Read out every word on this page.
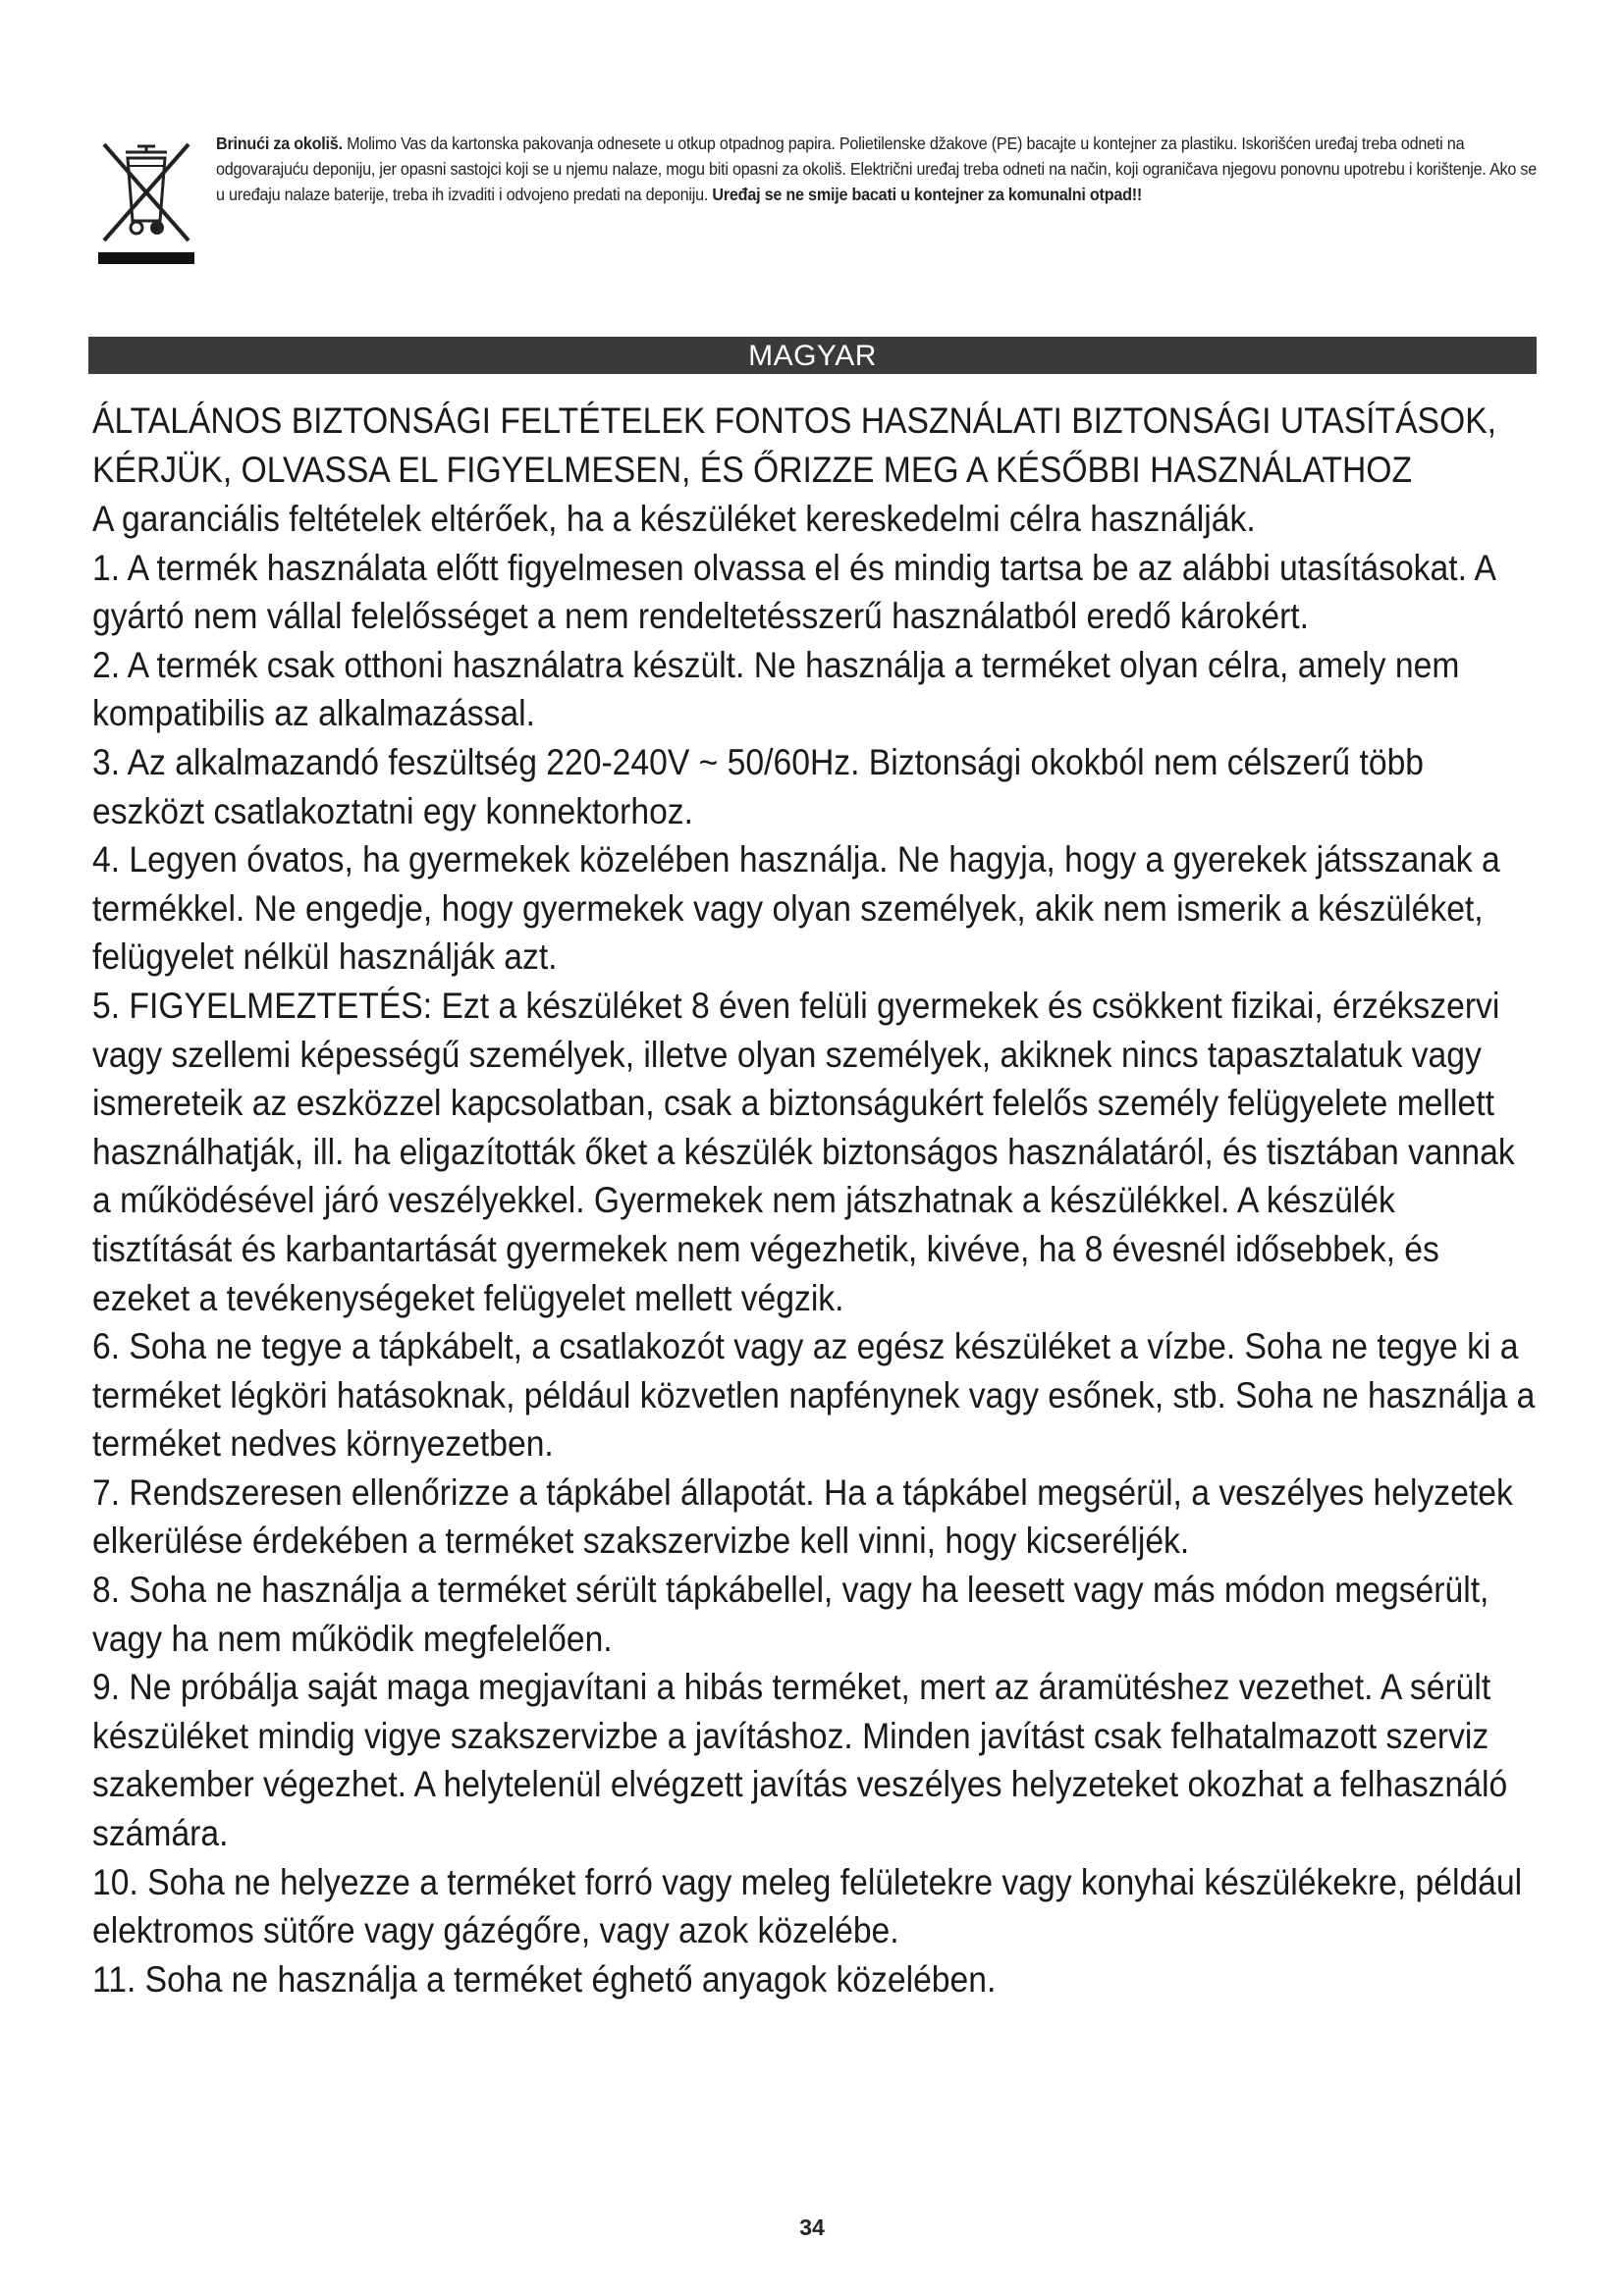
Brinući za okoliš. Molimo Vas da kartonska pakovanja odnesete u otkup otpadnog papira. Polietilenske džakove (PE) bacajte u kontejner za plastiku. Iskorišćen uređaj treba odneti na odgovarajuću deponiju, jer opasni sastojci koji se u njemu nalaze, mogu biti opasni za okoliš. Električni uređaj treba odneti na način, koji ograničava njegovu ponovnu upotrebu i korištenje. Ako se u uređaju nalaze baterije, treba ih izvaditi i odvojeno predati na deponiju. Uređaj se ne smije bacati u kontejner za komunalni otpad!!
MAGYAR
ÁLTALÁNOS BIZTONSÁGI FELTÉTELEK FONTOS HASZNÁLATI BIZTONSÁGI UTASÍTÁSOK, KÉRJÜK, OLVASSA EL FIGYELMESEN, ÉS ŐRIZZE MEG A KÉSŐBBI HASZNÁLATHOZ

A garanciális feltételek eltérőek, ha a készüléket kereskedelmi célra használják.

1. A termék használata előtt figyelmesen olvassa el és mindig tartsa be az alábbi utasításokat. A gyártó nem vállal felelősséget a nem rendeltetésszerű használatból eredő károkért.

2. A termék csak otthoni használatra készült. Ne használja a terméket olyan célra, amely nem kompatibilis az alkalmazással.

3. Az alkalmazandó feszültség 220-240V ~ 50/60Hz. Biztonsági okokból nem célszerű több eszközt csatlakoztatni egy konnektorhoz.

4. Legyen óvatos, ha gyermekek közelében használja. Ne hagyja, hogy a gyerekek játsszanak a termékkel. Ne engedje, hogy gyermekek vagy olyan személyek, akik nem ismerik a készüléket, felügyelet nélkül használják azt.

5. FIGYELMEZTETÉS: Ezt a készüléket 8 éven felüli gyermekek és csökkent fizikai, érzékszervi vagy szellemi képességű személyek, illetve olyan személyek, akiknek nincs tapasztalatuk vagy ismereteik az eszközzel kapcsolatban, csak a biztonságukért felelős személy felügyelete mellett használhatják, ill. ha eligazították őket a készülék biztonságos használatáról, és tisztában vannak a működésével járó veszélyekkel. Gyermekek nem játszhatnak a készülékkel. A készülék tisztítását és karbantartását gyermekek nem végezhetik, kivéve, ha 8 évesnél idősebbek, és ezeket a tevékenységeket felügyelet mellett végzik.

6. Soha ne tegye a tápkábelt, a csatlakozót vagy az egész készüléket a vízbe. Soha ne tegye ki a terméket légköri hatásoknak, például közvetlen napfénynek vagy esőnek, stb. Soha ne használja a terméket nedves környezetben.

7. Rendszeresen ellenőrizze a tápkábel állapotát. Ha a tápkábel megsérül, a veszélyes helyzetek elkerülése érdekében a terméket szakszervizbe kell vinni, hogy kicseréljék.

8. Soha ne használja a terméket sérült tápkábellel, vagy ha leesett vagy más módon megsérült, vagy ha nem működik megfelelően.

9. Ne próbálja saját maga megjavítani a hibás terméket, mert az áramütéshez vezethet. A sérült készüléket mindig vigye szakszervizbe a javításhoz. Minden javítást csak felhatalmazott szerviz szakember végezhet. A helytelenül elvégzett javítás veszélyes helyzeteket okozhat a felhasználó számára.

10. Soha ne helyezze a terméket forró vagy meleg felületekre vagy konyhai készülékekre, például elektromos sütőre vagy gázégőre, vagy azok közelébe.

11. Soha ne használja a terméket éghető anyagok közelében.

34
